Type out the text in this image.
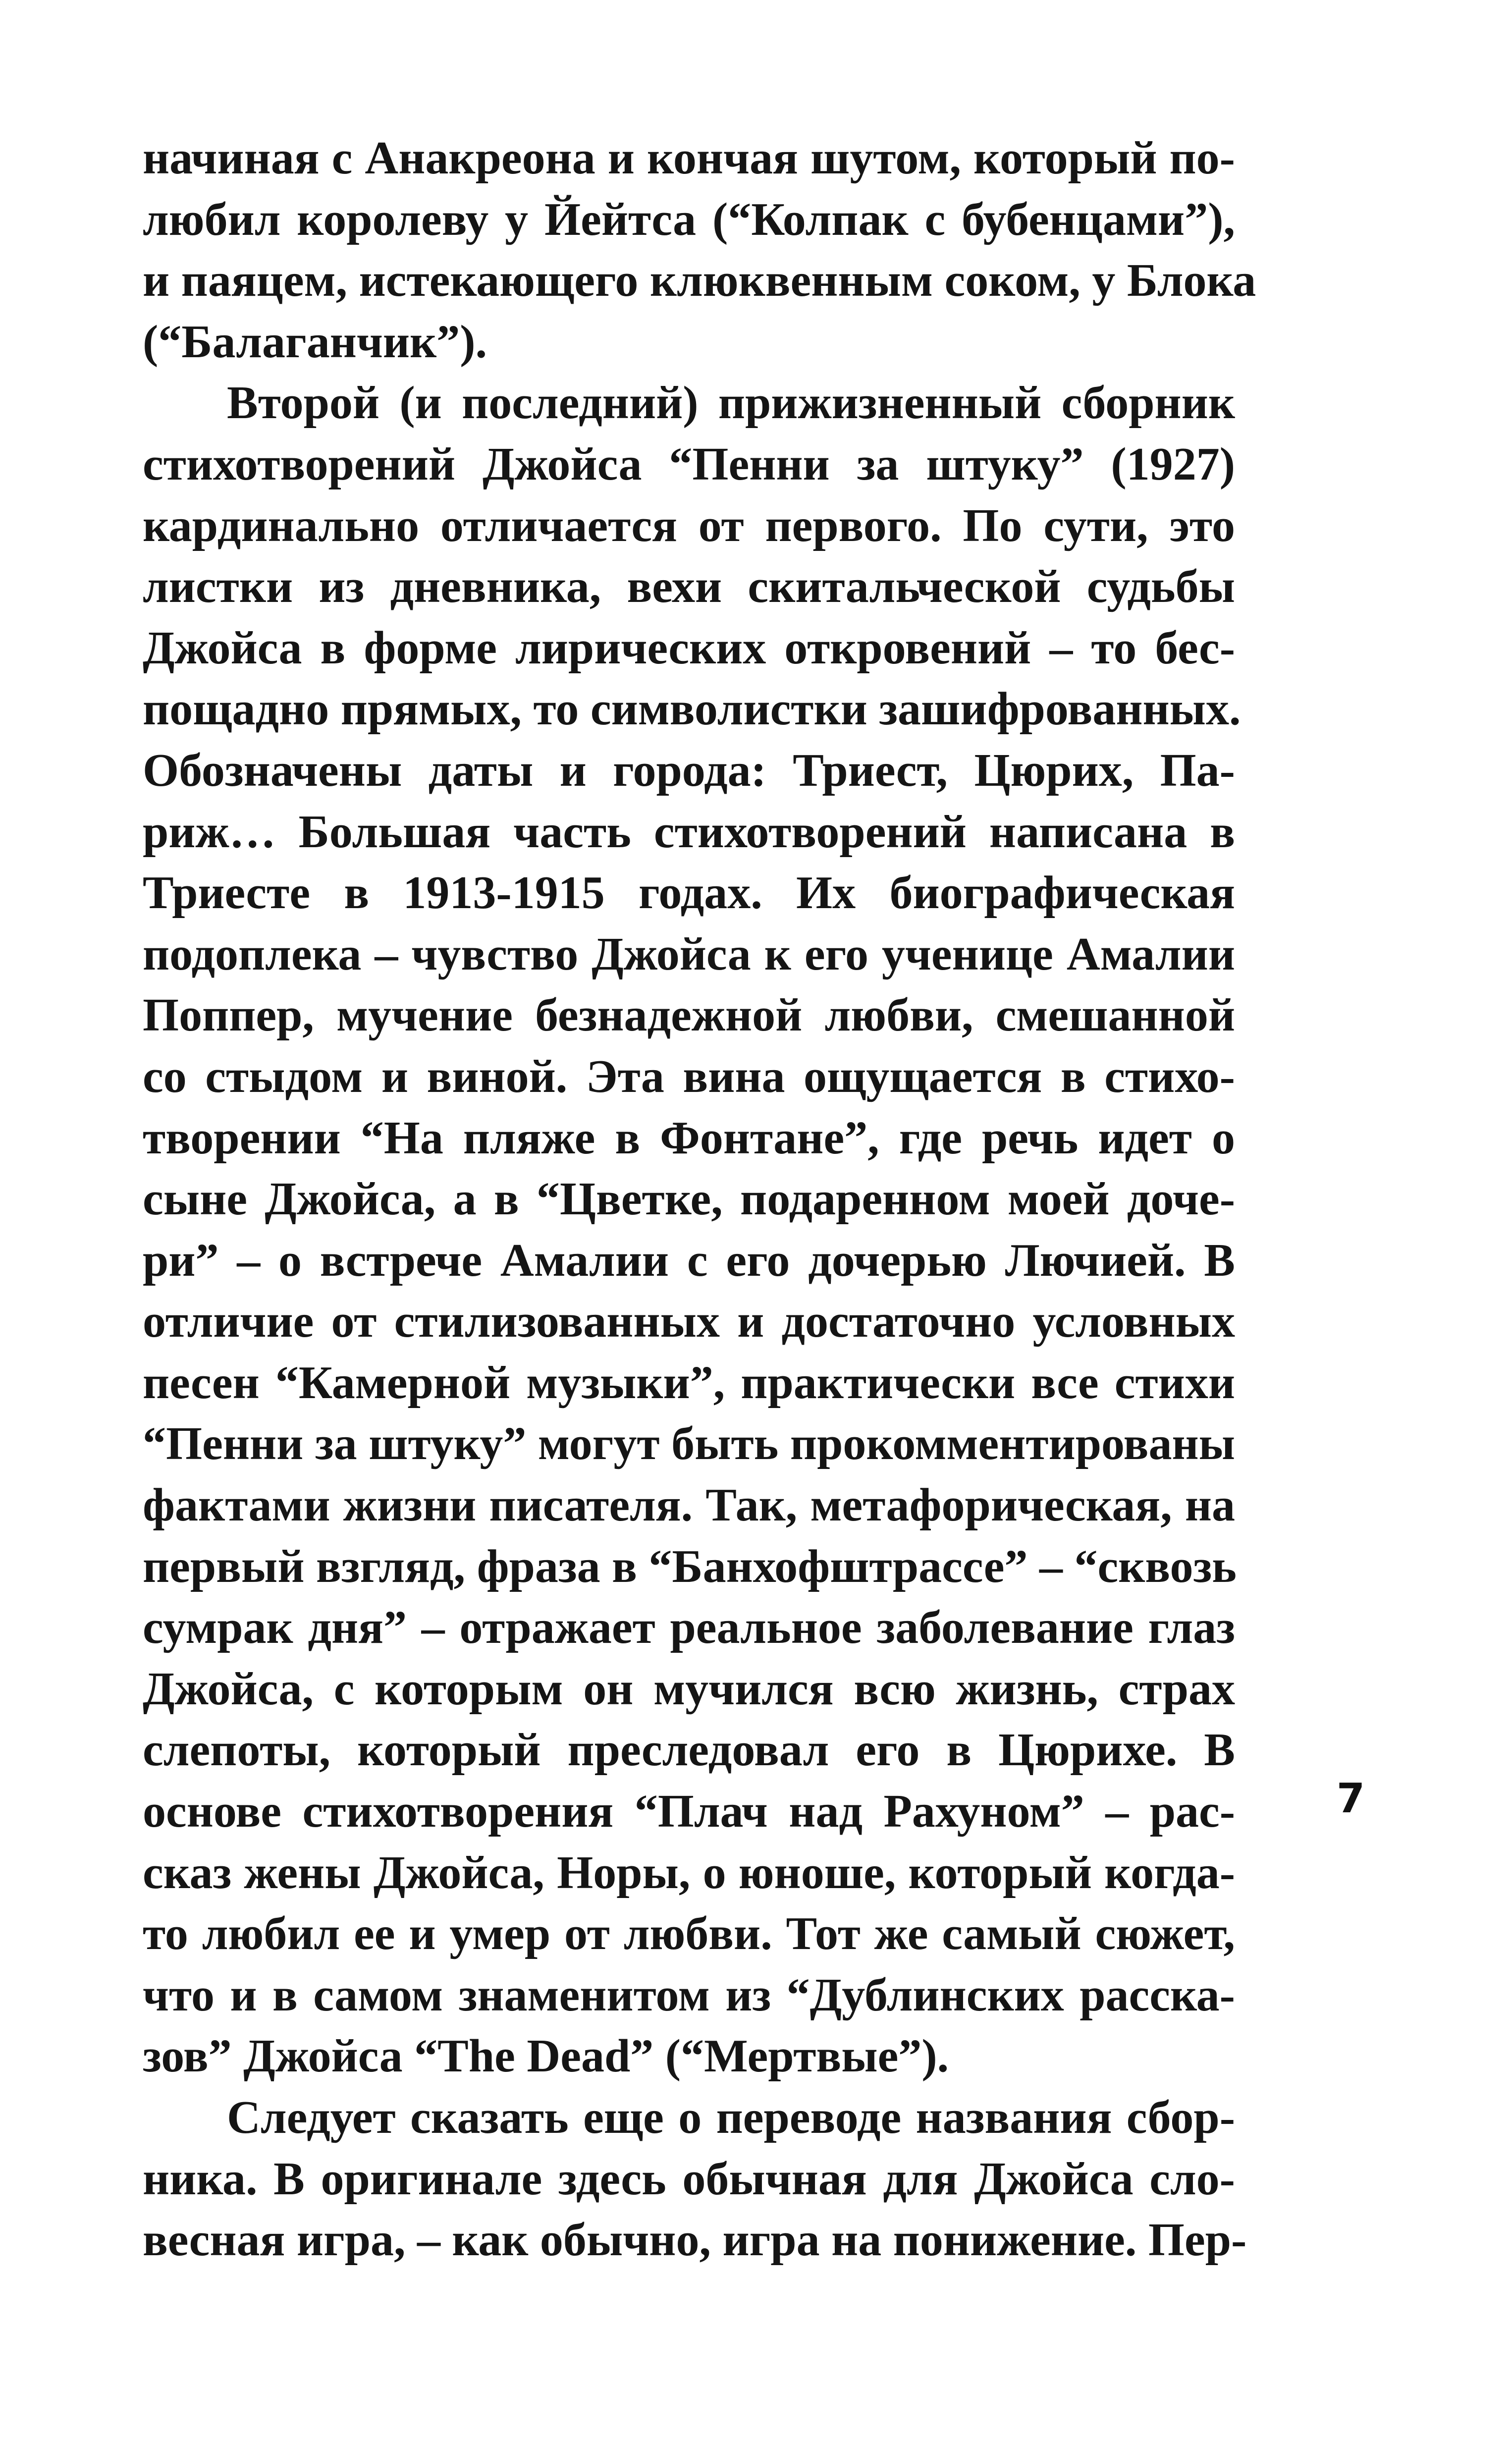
начиная с Анакреона и кончая шутом, который по-
любил королеву у Йейтса (“Колпак с бубенцами”),
и паяцем, истекающего клюквенным соком, у Блока
(“Балаганчик”).

Второй (и последний) прижизненный сборник
стихотворений Джойса “Пенни за штуку” (1927)
кардинально отличается от первого. По сути, это
листки из дневника, вехи скитальческой судьбы
Джойса в форме лирических откровений – то бес-
пощадно прямых, то символистки зашифрованных.
Обозначены даты и города: Триест, Цюрих, Па-
риж… Большая часть стихотворений написана в
Триесте в 1913-1915 годах. Их биографическая
подоплека – чувство Джойса к его ученице Амалии
Поппер, мучение безнадежной любви, смешанной
со стыдом и виной. Эта вина ощущается в стихо-
творении “На пляже в Фонтане”, где речь идет о
сыне Джойса, а в “Цветке, подаренном моей доче-
ри” – о встрече Амалии с его дочерью Лючией. В
отличие от стилизованных и достаточно условных
песен “Камерной музыки”, практически все стихи
“Пенни за штуку” могут быть прокомментированы
фактами жизни писателя. Так, метафорическая, на
первый взгляд, фраза в “Банхофштрассе” – “сквозь
сумрак дня” – отражает реальное заболевание глаз
Джойса, с которым он мучился всю жизнь, страх
слепоты, который преследовал его в Цюрихе. В
основе стихотворения “Плач над Рахуном” – рас-
сказ жены Джойса, Норы, о юноше, который когда-
то любил ее и умер от любви. Тот же самый сюжет,
что и в самом знаменитом из “Дублинских расска-
зов” Джойса “The Dead” (“Мертвые”).

Следует сказать еще о переводе названия сбор-
ника. В оригинале здесь обычная для Джойса сло-
весная игра, – как обычно, игра на понижение. Пер-

7
